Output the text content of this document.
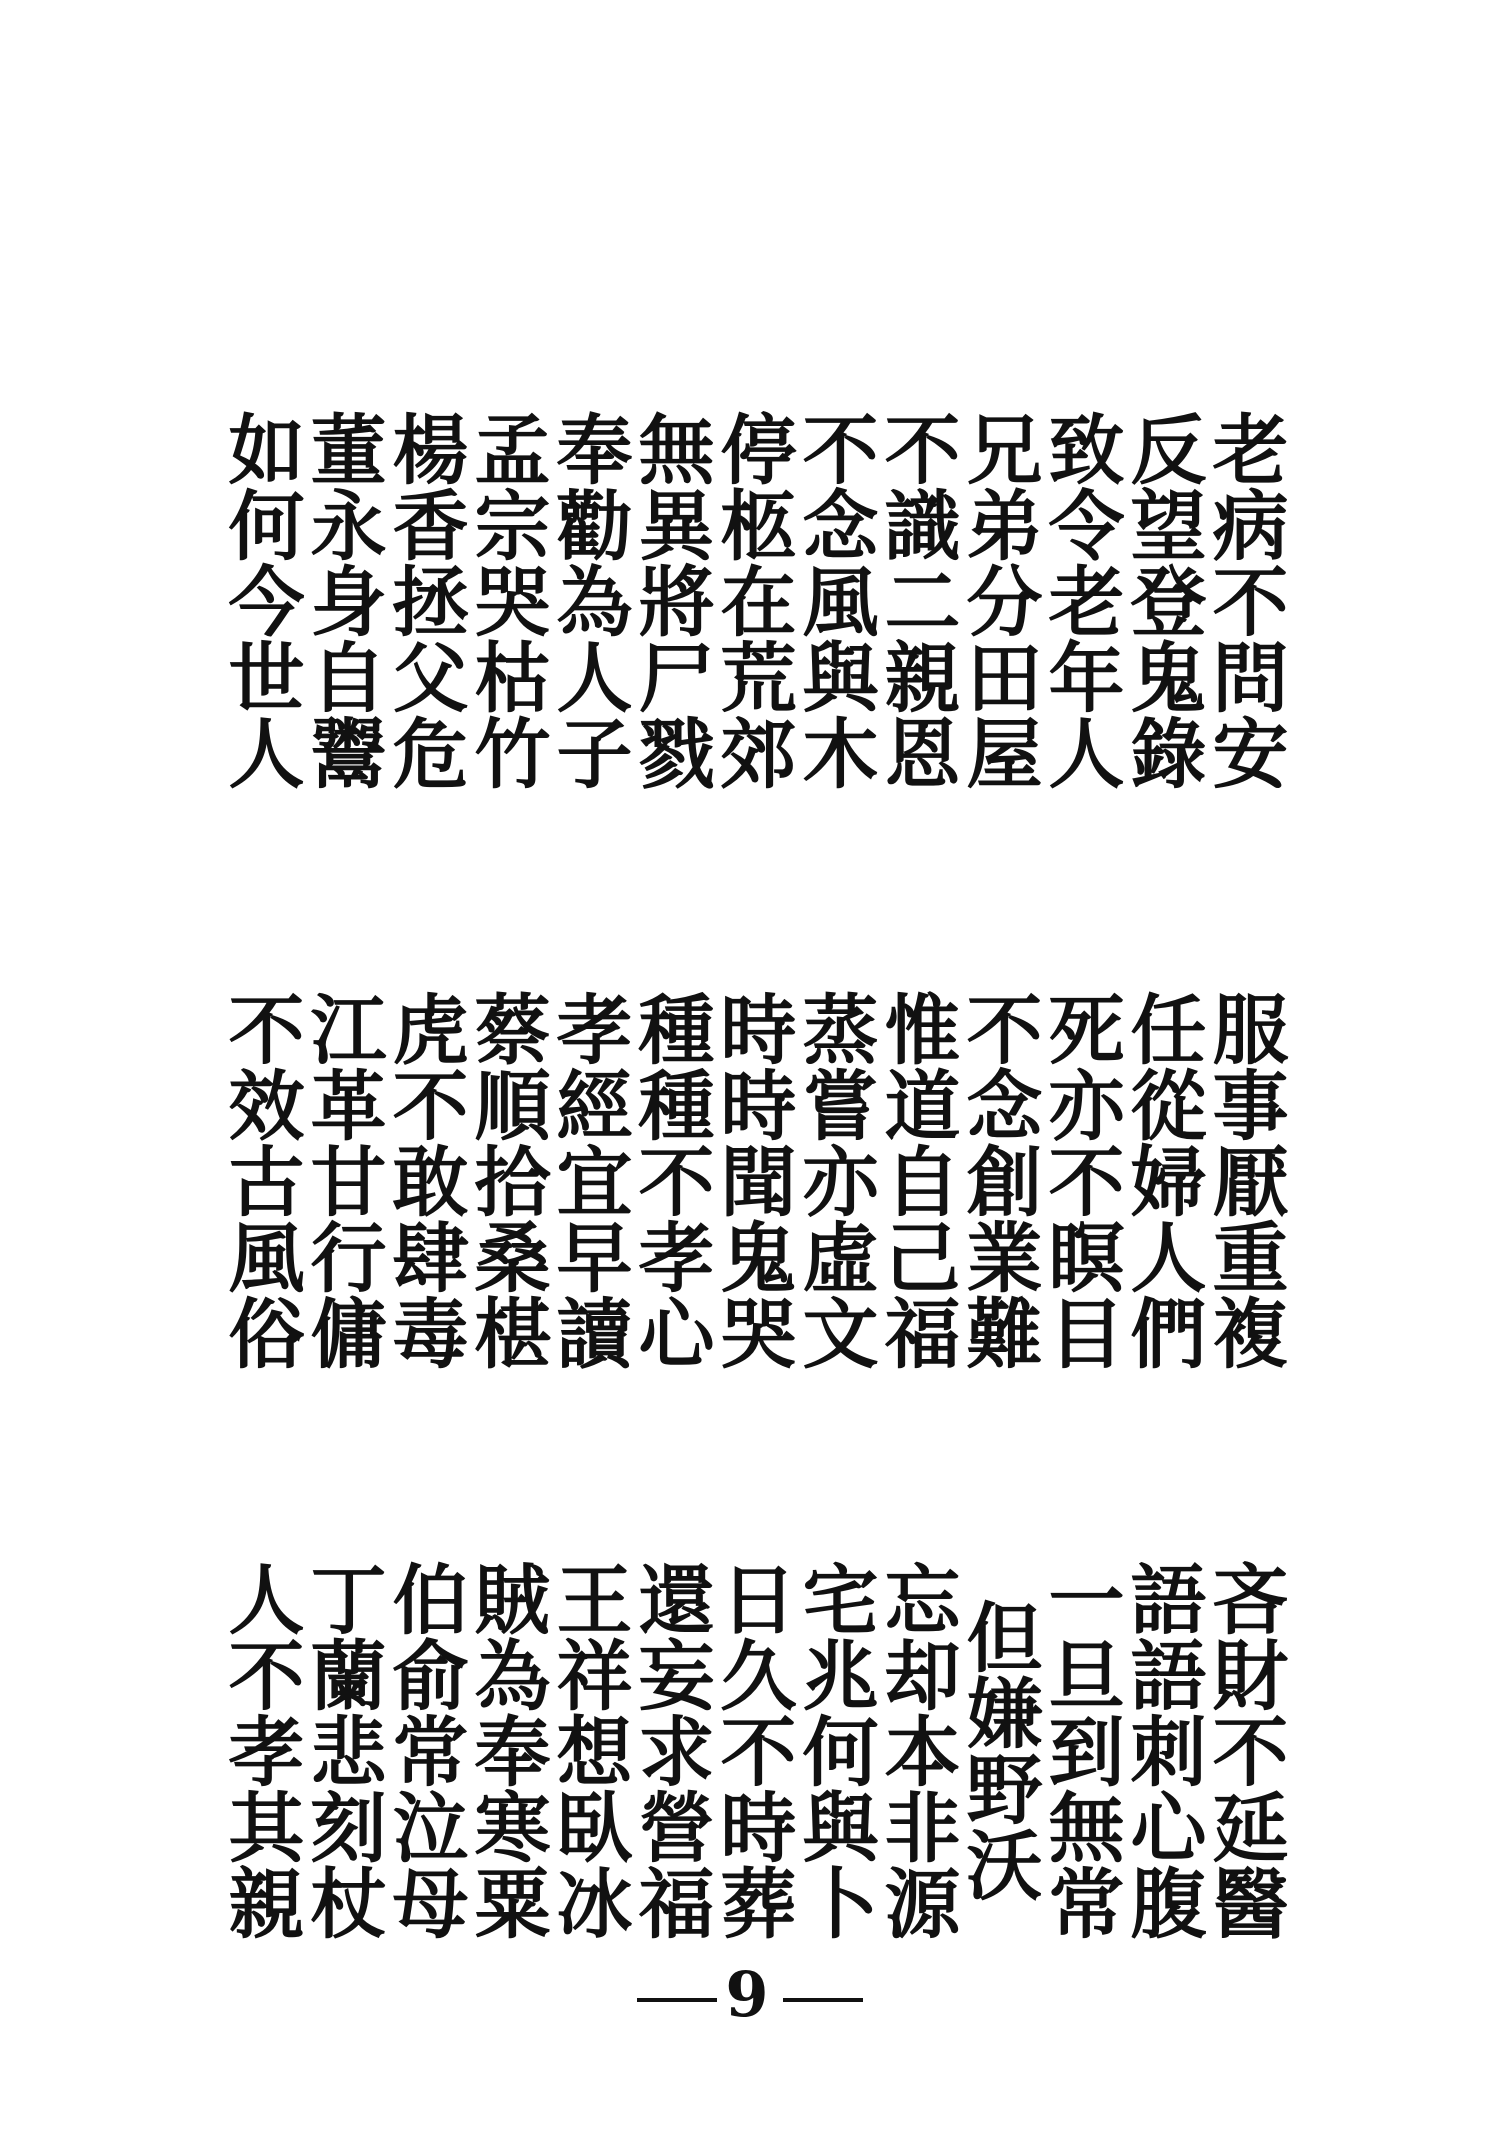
老病不問安
反望登鬼錄
致令老年人
兄弟分田屋
不識二親恩
不念風與木
停柩在荒郊
無異將尸戮
奉勸為人子
孟宗哭枯竹
楊香拯父危
董永身自鬻
如何今世人
服事厭重複
任從婦人們
死亦不瞑目
不念創業難
惟道自己福
蒸嘗亦虛文
時時聞鬼哭
種種不孝心
孝經宜早讀
蔡順拾桑椹
虎不敢肆毒
江革甘行傭
不效古風俗
吝財不延醫
語語刺心腹
一旦到無常
但嫌野沃
忘却本非源
宅兆何與卜
日久不時葬
還妄求營福
王祥想臥冰
賊為奉寒粟
伯俞常泣母
丁蘭悲刻杖
人不孝其親
9
